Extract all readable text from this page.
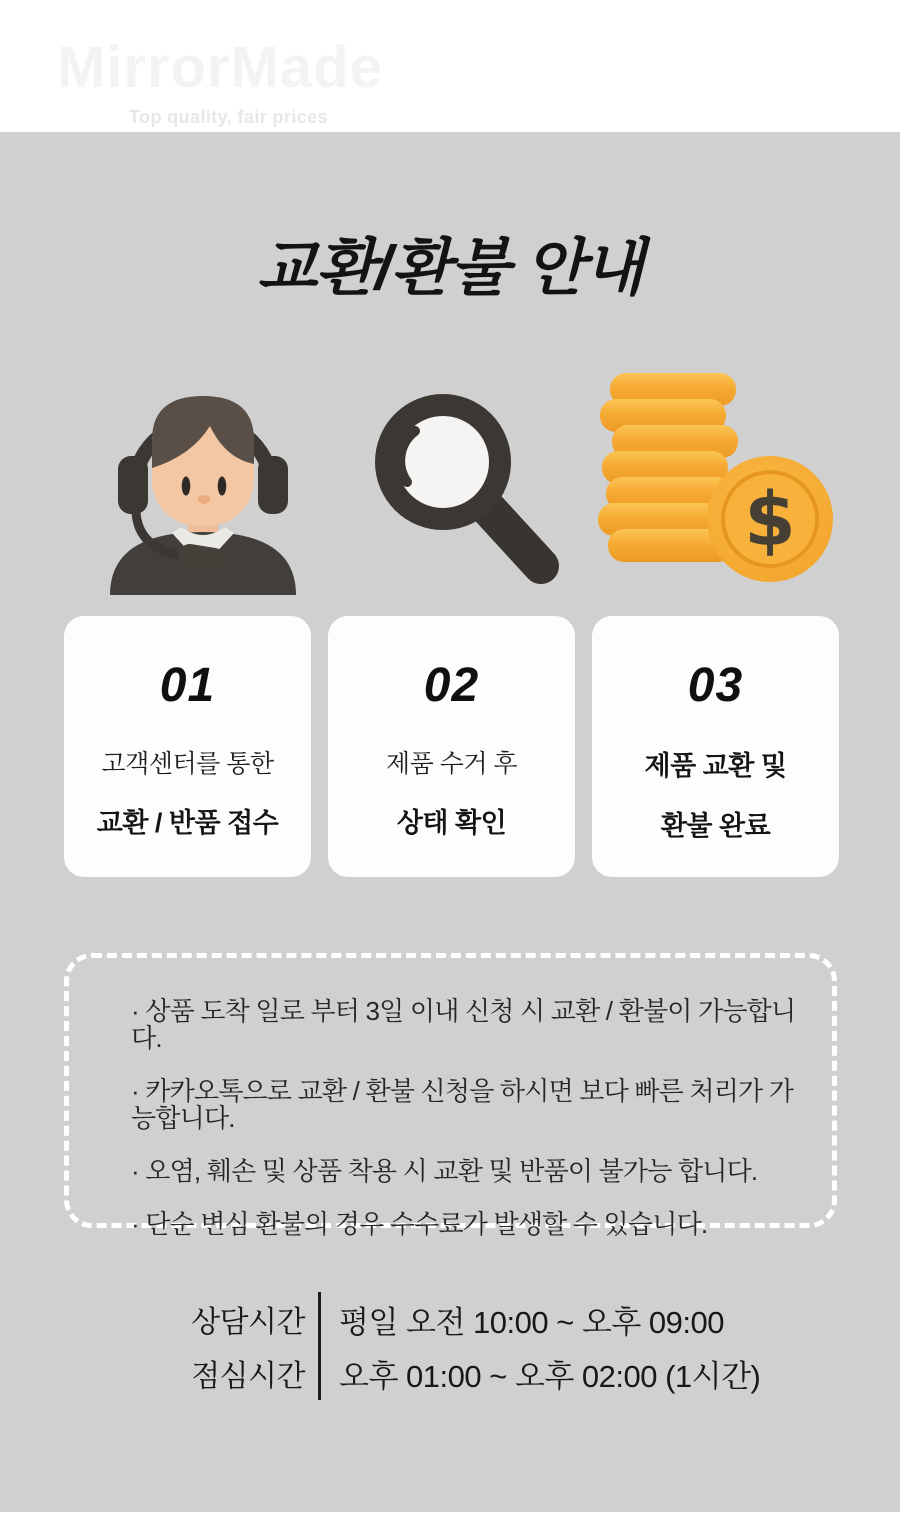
MirrorMade
Top quality, fair prices
교환/환불 안내
$
01
고객센터를 통한
교환 / 반품 접수
02
제품 수거 후
상태 확인
03
제품 교환 및
환불 완료

· 상품 도착 일로 부터 3일 이내 신청 시 교환 / 환불이 가능합니다.

· 카카오톡으로 교환 / 환불 신청을 하시면 보다 빠른 처리가 가능합니다.

· 오염, 훼손 및 상품 착용 시 교환 및 반품이 불가능 합니다.

· 단순 변심 환불의 경우 수수료가 발생할 수 있습니다.

상담시간	평일 오전 10:00 ~ 오후 09:00
점심시간	오후 01:00 ~ 오후 02:00 (1시간)
